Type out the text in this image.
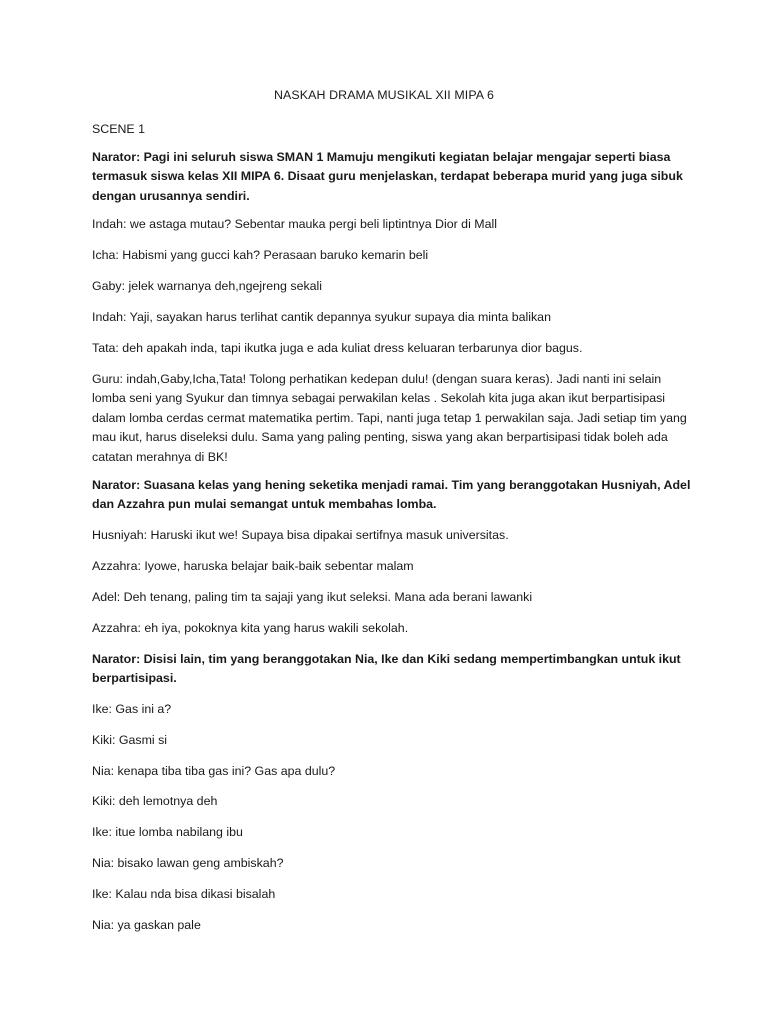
NASKAH DRAMA MUSIKAL XII MIPA 6

SCENE 1

Narator: Pagi ini seluruh siswa SMAN 1 Mamuju mengikuti kegiatan belajar mengajar seperti biasa termasuk siswa kelas XII MIPA 6. Disaat guru menjelaskan, terdapat beberapa murid yang juga sibuk dengan urusannya sendiri.

Indah: we astaga mutau? Sebentar mauka pergi beli liptintnya Dior di Mall

Icha: Habismi yang gucci kah? Perasaan baruko kemarin beli

Gaby: jelek warnanya deh,ngejreng sekali

Indah: Yaji, sayakan harus terlihat cantik depannya syukur supaya dia minta balikan

Tata: deh apakah inda, tapi ikutka juga e ada kuliat dress keluaran terbarunya dior bagus.

Guru: indah,Gaby,Icha,Tata! Tolong perhatikan kedepan dulu! (dengan suara keras). Jadi nanti ini selain lomba seni yang Syukur dan timnya sebagai perwakilan kelas . Sekolah kita juga akan ikut berpartisipasi dalam lomba cerdas cermat matematika pertim. Tapi, nanti juga tetap 1 perwakilan saja. Jadi setiap tim yang mau ikut, harus diseleksi dulu. Sama yang paling penting, siswa yang akan berpartisipasi tidak boleh ada catatan merahnya di BK!

Narator: Suasana kelas yang hening seketika menjadi ramai. Tim yang beranggotakan Husniyah, Adel dan Azzahra pun mulai semangat untuk membahas lomba.

Husniyah: Haruski ikut we! Supaya bisa dipakai sertifnya masuk universitas.

Azzahra: Iyowe, haruska belajar baik-baik sebentar malam

Adel: Deh tenang, paling tim ta sajaji yang ikut seleksi. Mana ada berani lawanki

Azzahra: eh iya, pokoknya kita yang harus wakili sekolah.

Narator: Disisi lain, tim yang beranggotakan Nia, Ike dan Kiki sedang mempertimbangkan untuk ikut berpartisipasi.

Ike: Gas ini a?

Kiki: Gasmi si

Nia: kenapa tiba tiba gas ini? Gas apa dulu?

Kiki: deh lemotnya deh

Ike: itue lomba nabilang ibu

Nia: bisako lawan geng ambiskah?

Ike: Kalau nda bisa dikasi bisalah

Nia: ya gaskan pale
